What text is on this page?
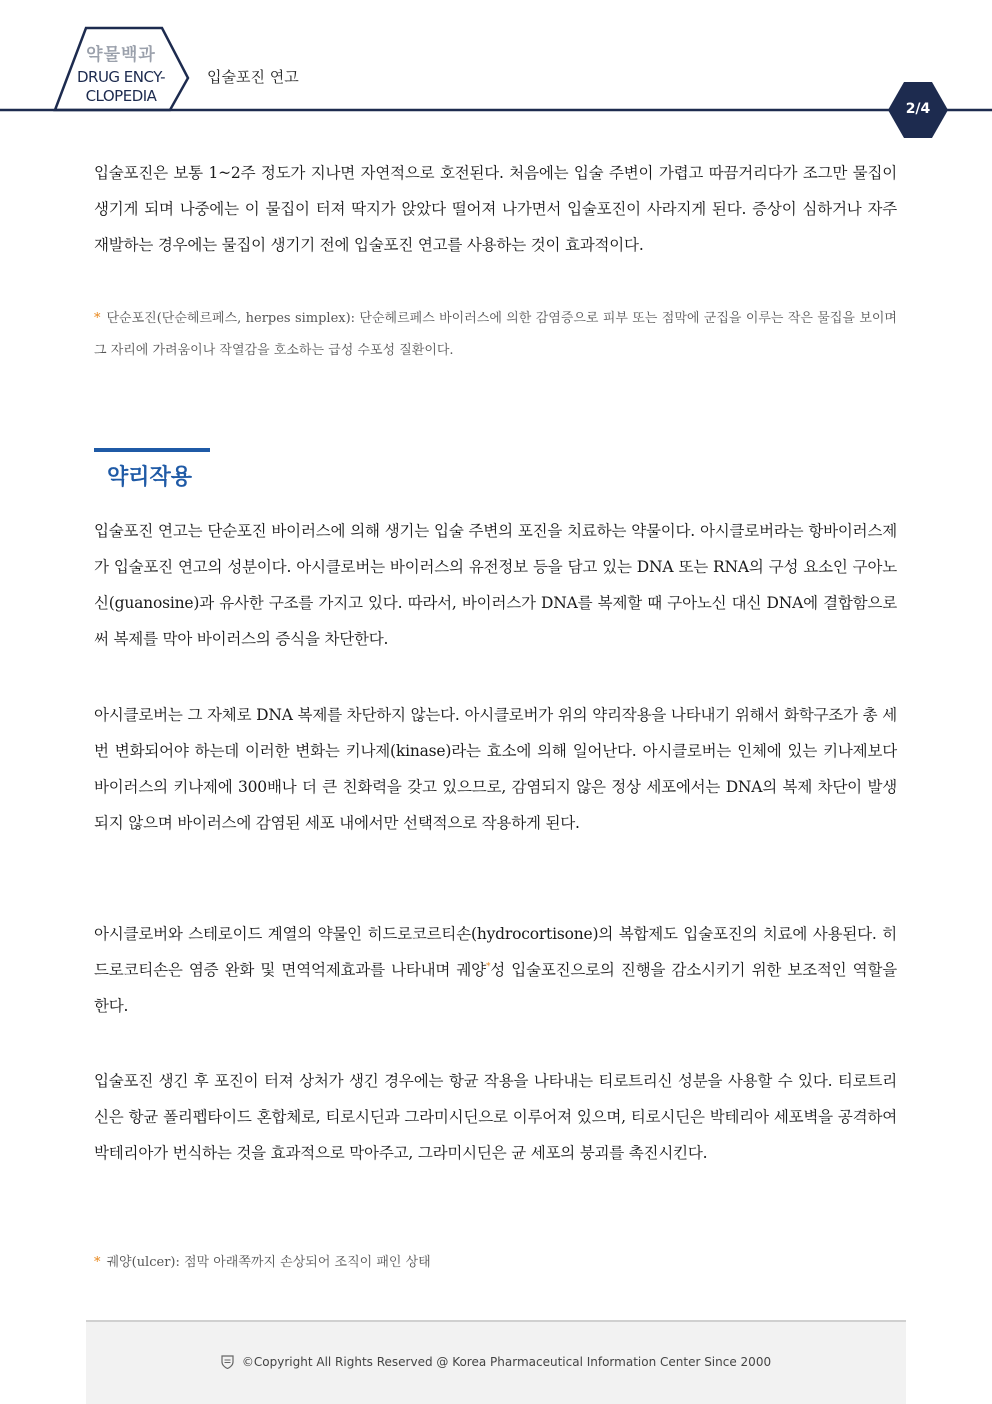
약물백과
DRUG ENCY-
CLOPEDIA
입술포진 연고
2/4
입술포진은 보통 1~2주 정도가 지나면 자연적으로 호전된다. 처음에는 입술 주변이 가렵고 따끔거리다가 조그만 물집이 생기게 되며 나중에는 이 물집이 터져 딱지가 앉았다 떨어져 나가면서 입술포진이 사라지게 된다. 증상이 심하거나 자주 재발하는 경우에는 물집이 생기기 전에 입술포진 연고를 사용하는 것이 효과적이다.
* 단순포진(단순헤르페스, herpes simplex): 단순헤르페스 바이러스에 의한 감염증으로 피부 또는 점막에 군집을 이루는 작은 물집을 보이며 그 자리에 가려움이나 작열감을 호소하는 급성 수포성 질환이다.
약리작용
입술포진 연고는 단순포진 바이러스에 의해 생기는 입술 주변의 포진을 치료하는 약물이다. 아시클로버라는 항바이러스제가 입술포진 연고의 성분이다. 아시클로버는 바이러스의 유전정보 등을 담고 있는 DNA 또는 RNA의 구성 요소인 구아노신(guanosine)과 유사한 구조를 가지고 있다. 따라서, 바이러스가 DNA를 복제할 때 구아노신 대신 DNA에 결합함으로써 복제를 막아 바이러스의 증식을 차단한다.
아시클로버는 그 자체로 DNA 복제를 차단하지 않는다. 아시클로버가 위의 약리작용을 나타내기 위해서 화학구조가 총 세 번 변화되어야 하는데 이러한 변화는 키나제(kinase)라는 효소에 의해 일어난다. 아시클로버는 인체에 있는 키나제보다 바이러스의 키나제에 300배나 더 큰 친화력을 갖고 있으므로, 감염되지 않은 정상 세포에서는 DNA의 복제 차단이 발생되지 않으며 바이러스에 감염된 세포 내에서만 선택적으로 작용하게 된다.
아시클로버와 스테로이드 계열의 약물인 히드로코르티손(hydrocortisone)의 복합제도 입술포진의 치료에 사용된다. 히드로코티손은 염증 완화 및 면역억제효과를 나타내며 궤양*성 입술포진으로의 진행을 감소시키기 위한 보조적인 역할을 한다.
입술포진 생긴 후 포진이 터져 상처가 생긴 경우에는 항균 작용을 나타내는 티로트리신 성분을 사용할 수 있다. 티로트리신은 항균 폴리펩타이드 혼합체로, 티로시딘과 그라미시딘으로 이루어져 있으며, 티로시딘은 박테리아 세포벽을 공격하여 박테리아가 번식하는 것을 효과적으로 막아주고, 그라미시딘은 균 세포의 붕괴를 촉진시킨다.
* 궤양(ulcer): 점막 아래쪽까지 손상되어 조직이 패인 상태
©Copyright All Rights Reserved @ Korea Pharmaceutical Information Center Since 2000
